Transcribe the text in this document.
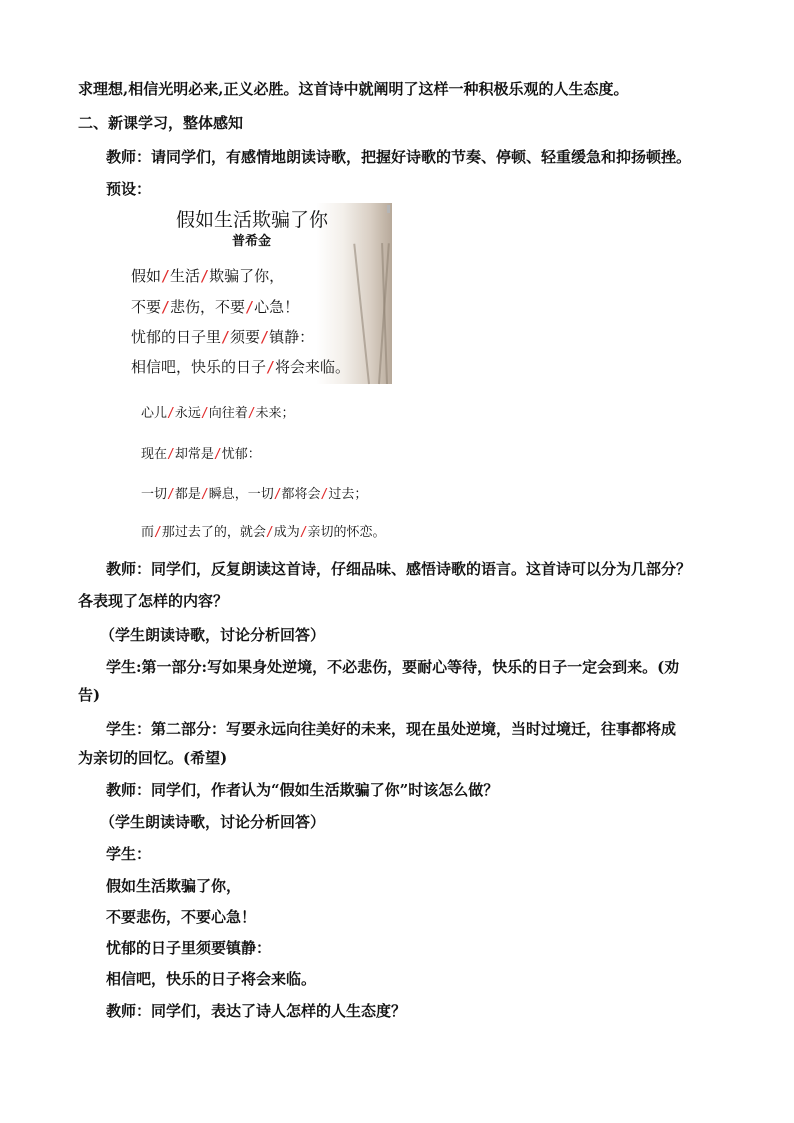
求理想,相信光明必来,正义必胜。这首诗中就阐明了这样一种积极乐观的人生态度。
二、新课学习，整体感知
教师：请同学们，有感情地朗读诗歌，把握好诗歌的节奏、停顿、轻重缓急和抑扬顿挫。
预设：
假如生活欺骗了你
普希金
假如/生活/欺骗了你，
不要/悲伤，不要/心急！
忧郁的日子里/须要/镇静：
相信吧，快乐的日子/将会来临。
心儿/永远/向往着/未来；
现在/却常是/忧郁：
一切/都是/瞬息，一切/都将会/过去；
而/那过去了的，就会/成为/亲切的怀恋。
教师：同学们，反复朗读这首诗，仔细品味、感悟诗歌的语言。这首诗可以分为几部分？
各表现了怎样的内容？
（学生朗读诗歌，讨论分析回答）
学生:第一部分:写如果身处逆境，不必悲伤，要耐心等待，快乐的日子一定会到来。(劝
告)
学生：第二部分：写要永远向往美好的未来，现在虽处逆境，当时过境迁，往事都将成
为亲切的回忆。(希望)
教师：同学们，作者认为“假如生活欺骗了你”时该怎么做？
（学生朗读诗歌，讨论分析回答）
学生：
假如生活欺骗了你，
不要悲伤，不要心急！
忧郁的日子里须要镇静：
相信吧，快乐的日子将会来临。
教师：同学们，表达了诗人怎样的人生态度？
